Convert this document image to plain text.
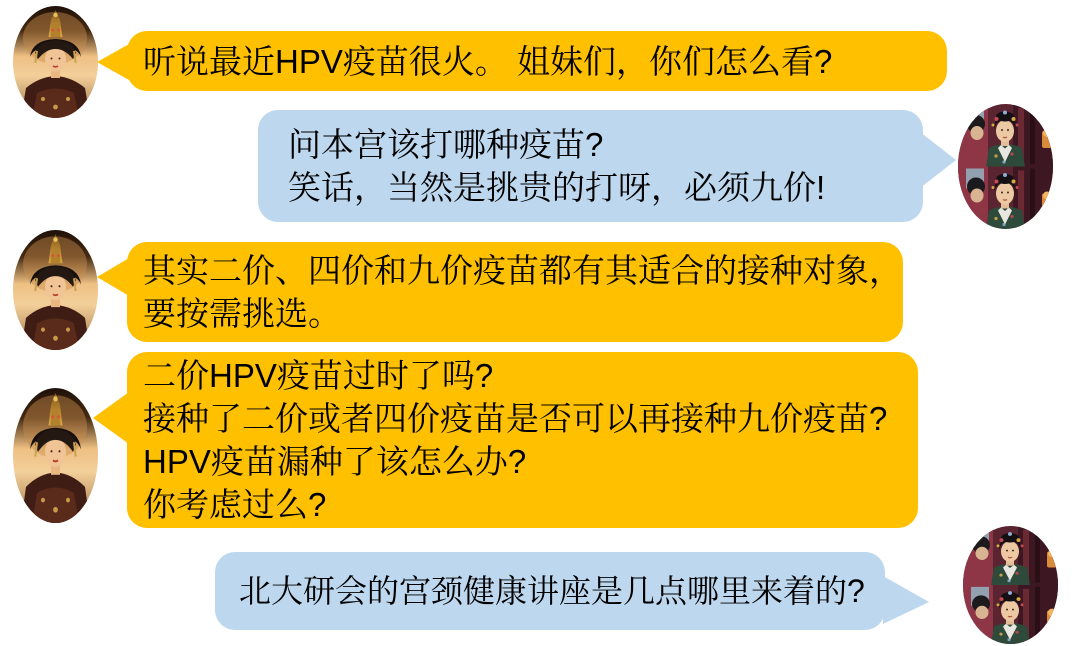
听说最近HPV疫苗很火。 姐妹们，你们怎么看?
问本宫该打哪种疫苗?
笑话，当然是挑贵的打呀，必须九价!
其实二价、四价和九价疫苗都有其适合的接种对象，
要按需挑选。
二价HPV疫苗过时了吗?
接种了二价或者四价疫苗是否可以再接种九价疫苗?
HPV疫苗漏种了该怎么办?
你考虑过么?
北大研会的宫颈健康讲座是几点哪里来着的?
